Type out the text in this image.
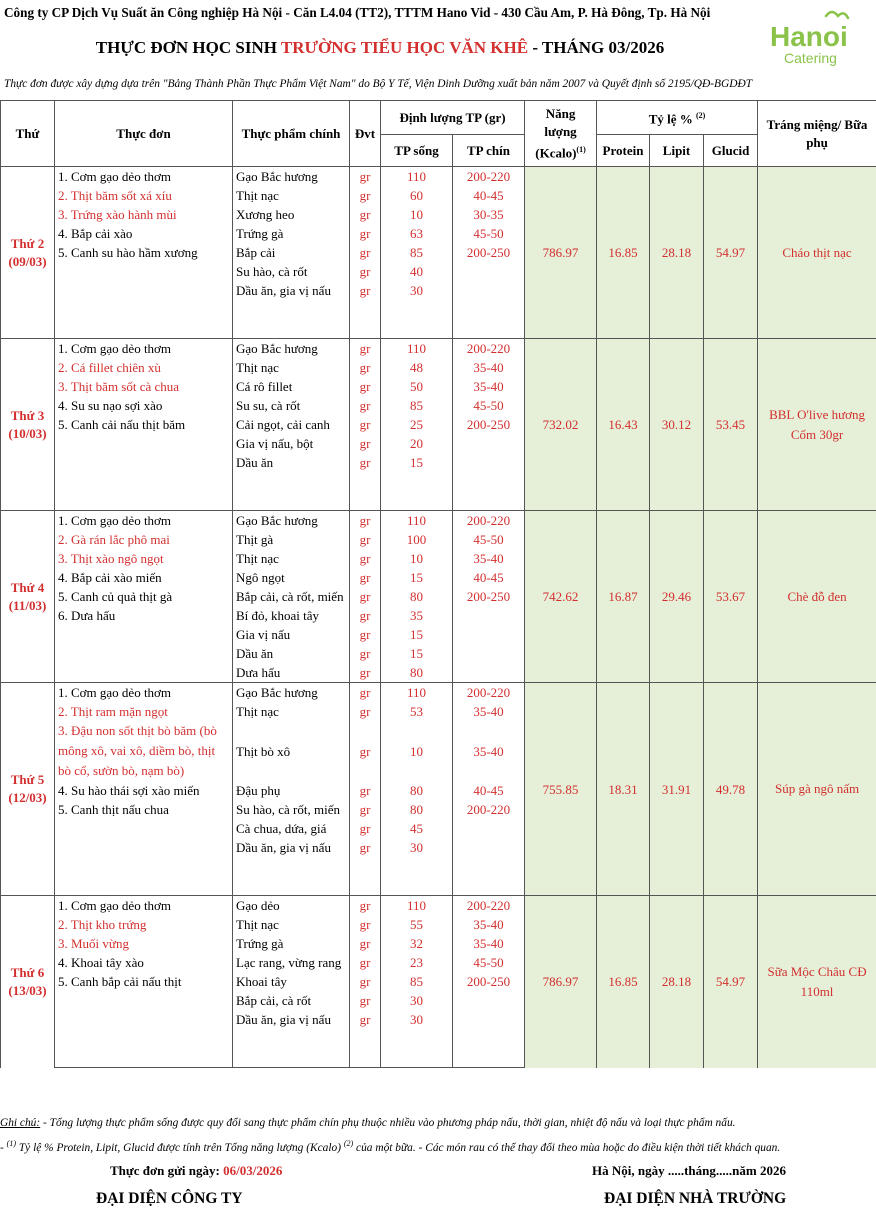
Công ty CP Dịch Vụ Suất ăn Công nghiệp Hà Nội - Căn L4.04 (TT2), TTTM Hano Vid - 430 Cầu Am, P. Hà Đông, Tp. Hà Nội
THỰC ĐƠN HỌC SINH TRƯỜNG TIỂU HỌC VĂN KHÊ - THÁNG 03/2026	Hanoi
Catering
Thực đơn được xây dựng dựa trên "Bảng Thành Phần Thực Phẩm Việt Nam" do Bộ Y Tế, Viện Dinh Dưỡng xuất bản năm 2007 và Quyết định số 2195/QĐ-BGDĐT
Thứ	Thực đơn	Thực phẩm chính	Đvt	Định lượng TP (gr)		Năng lượng (Kcalo)$^{(1)}$	Tỷ lệ % $^{(2)}$			Tráng miệng/ Bữa phụ
				TP sống	TP chín		Protein	Lipit	Glucid	

Thứ 2
(09/03)	1. Cơm gạo dẻo thơm	Gạo Bắc hương	gr	110	200-220	786.97	16.85	28.18	54.97	Cháo thịt nạc
	2. Thịt băm sốt xá xíu	Thịt nạc	gr	60	40-45					
	3. Trứng xào hành mùi	Xương heo	gr	10	30-35					
	4. Bắp cải xào	Trứng gà	gr	63	45-50					
	5. Canh su hào hầm xương	Bắp cải	gr	85	200-250					
		Su hào, cà rốt	gr	40						
		Dầu ăn, gia vị nấu	gr	30						

Thứ 3
(10/03)	1. Cơm gạo dẻo thơm	Gạo Bắc hương	gr	110	200-220	732.02	16.43	30.12	53.45	BBL O'live hương Cốm 30gr
	2. Cá fillet chiên xù	Thịt nạc	gr	48	35-40					
	3. Thịt băm sốt cà chua	Cá rô fillet	gr	50	35-40					
	4. Su su nạo sợi xào	Su su, cà rốt	gr	85	45-50					
	5. Canh cải nấu thịt băm	Cải ngọt, cải canh	gr	25	200-250					
		Gia vị nấu, bột	gr	20						
		Dầu ăn	gr	15						

Thứ 4
(11/03)	1. Cơm gạo dẻo thơm	Gạo Bắc hương	gr	110	200-220	742.62	16.87	29.46	53.67	Chè đỗ đen
	2. Gà rán lắc phô mai	Thịt gà	gr	100	45-50					
	3. Thịt xào ngô ngọt	Thịt nạc	gr	10	35-40					
	4. Bắp cải xào miến	Ngô ngọt	gr	15	40-45					
	5. Canh củ quả thịt gà	Bắp cải, cà rốt, miến	gr	80	200-250					
	6. Dưa hấu	Bí đỏ, khoai tây	gr	35						
		Gia vị nấu	gr	15						
		Dầu ăn	gr	15						
		Dưa hấu	gr	80						

Thứ 5
(12/03)	1. Cơm gạo dẻo thơm	Gạo Bắc hương	gr	110	200-220	755.85	18.31	31.91	49.78	Súp gà ngô nấm
	2. Thịt ram mặn ngọt	Thịt nạc	gr	53	35-40					
	3. Đậu non sốt thịt bò băm (bò mông xô, vai xô, diềm bò, thịt bò cổ, sườn bò, nạm bò)									
		Thịt bò xô	gr	10	35-40					

	4. Su hào thái sợi xào miến	Đậu phụ	gr	80	40-45					
	5. Canh thịt nấu chua	Su hào, cà rốt, miến	gr	80	200-220					
		Cà chua, dứa, giá	gr	45						
		Dầu ăn, gia vị nấu	gr	30						

Thứ 6
(13/03)	1. Cơm gạo dẻo thơm	Gạo dẻo	gr	110	200-220	786.97	16.85	28.18	54.97	Sữa Mộc Châu CĐ 110ml
	2. Thịt kho trứng	Thịt nạc	gr	55	35-40					
	3. Muối vừng	Trứng gà	gr	32	35-40					
	4. Khoai tây xào	Lạc rang, vừng rang	gr	23	45-50					
	5. Canh bắp cải nấu thịt	Khoai tây	gr	85	200-250					
		Bắp cải, cà rốt	gr	30						
		Dầu ăn, gia vị nấu	gr	30						

Ghi chú: - Tổng lượng thực phẩm sống được quy đổi sang thực phẩm chín phụ thuộc nhiều vào phương pháp nấu, thời gian, nhiệt độ nấu và loại thực phẩm nấu.
- $^{(1)}$ Tỷ lệ % Protein, Lipit, Glucid được tính trên Tổng năng lượng (Kcalo) $^{(2)}$ của một bữa. - Các món rau có thể thay đổi theo mùa hoặc do điều kiện thời tiết khách quan.
Thực đơn gửi ngày: 06/03/2026	Hà Nội, ngày .....tháng.....năm 2026
ĐẠI DIỆN CÔNG TY	ĐẠI DIỆN NHÀ TRƯỜNG
